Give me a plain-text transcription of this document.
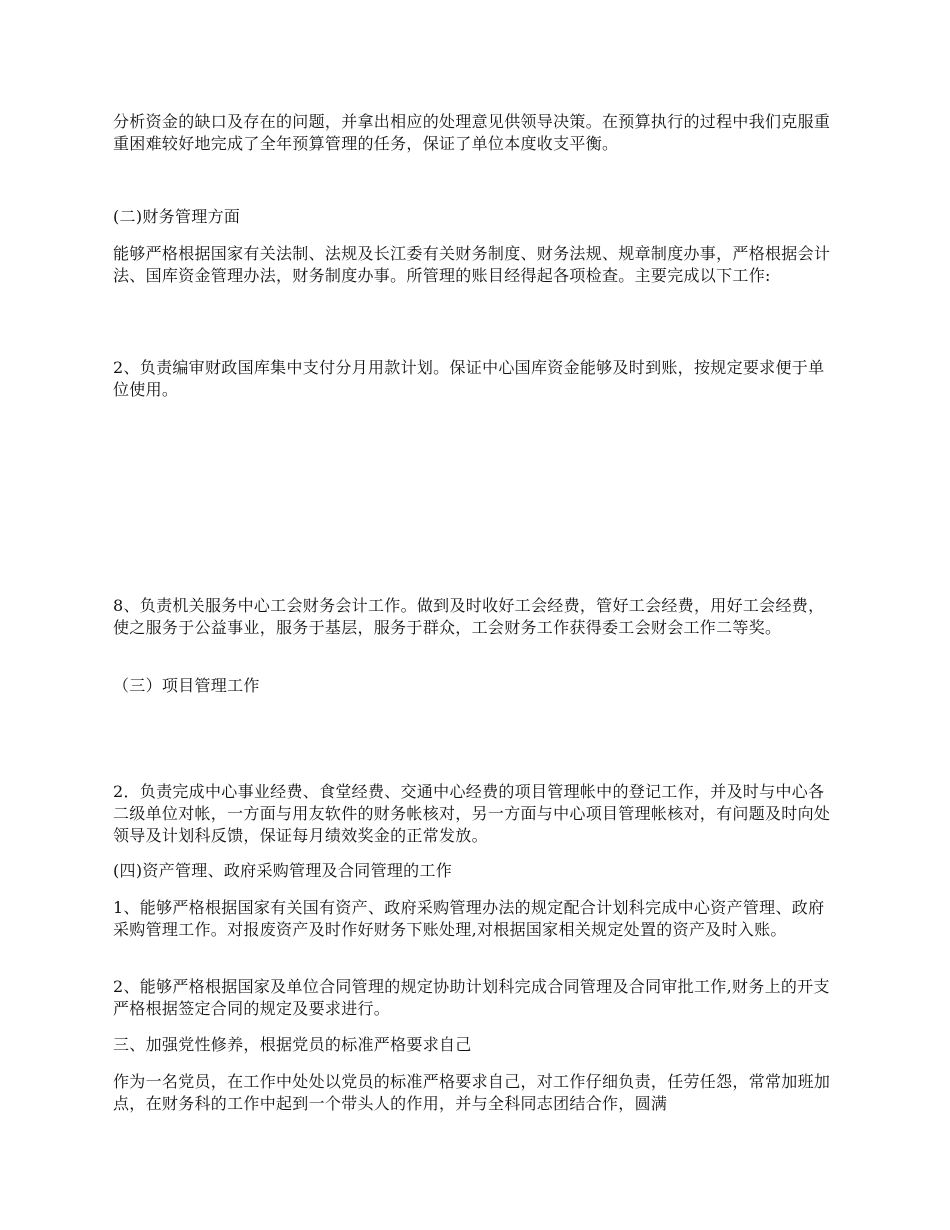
分析资金的缺口及存在的问题，并拿出相应的处理意见供领导决策。在预算执行的过程中我们克服重重困难较好地完成了全年预算管理的任务，保证了单位本度收支平衡。

(二)财务管理方面

能够严格根据国家有关法制、法规及长江委有关财务制度、财务法规、规章制度办事，严格根据会计法、国库资金管理办法，财务制度办事。所管理的账目经得起各项检查。主要完成以下工作:

2、负责编审财政国库集中支付分月用款计划。保证中心国库资金能够及时到账，按规定要求便于单位使用。

8、负责机关服务中心工会财务会计工作。做到及时收好工会经费，管好工会经费，用好工会经费，使之服务于公益事业，服务于基层，服务于群众，工会财务工作获得委工会财会工作二等奖。

（三）项目管理工作

2．负责完成中心事业经费、食堂经费、交通中心经费的项目管理帐中的登记工作，并及时与中心各二级单位对帐，一方面与用友软件的财务帐核对，另一方面与中心项目管理帐核对，有问题及时向处领导及计划科反馈，保证每月绩效奖金的正常发放。

(四)资产管理、政府采购管理及合同管理的工作

1、能够严格根据国家有关国有资产、政府采购管理办法的规定配合计划科完成中心资产管理、政府采购管理工作。对报废资产及时作好财务下账处理,对根据国家相关规定处置的资产及时入账。

2、能够严格根据国家及单位合同管理的规定协助计划科完成合同管理及合同审批工作,财务上的开支严格根据签定合同的规定及要求进行。

三、加强党性修养，根据党员的标准严格要求自己

作为一名党员，在工作中处处以党员的标准严格要求自己，对工作仔细负责，任劳任怨，常常加班加点，在财务科的工作中起到一个带头人的作用，并与全科同志团结合作，圆满
